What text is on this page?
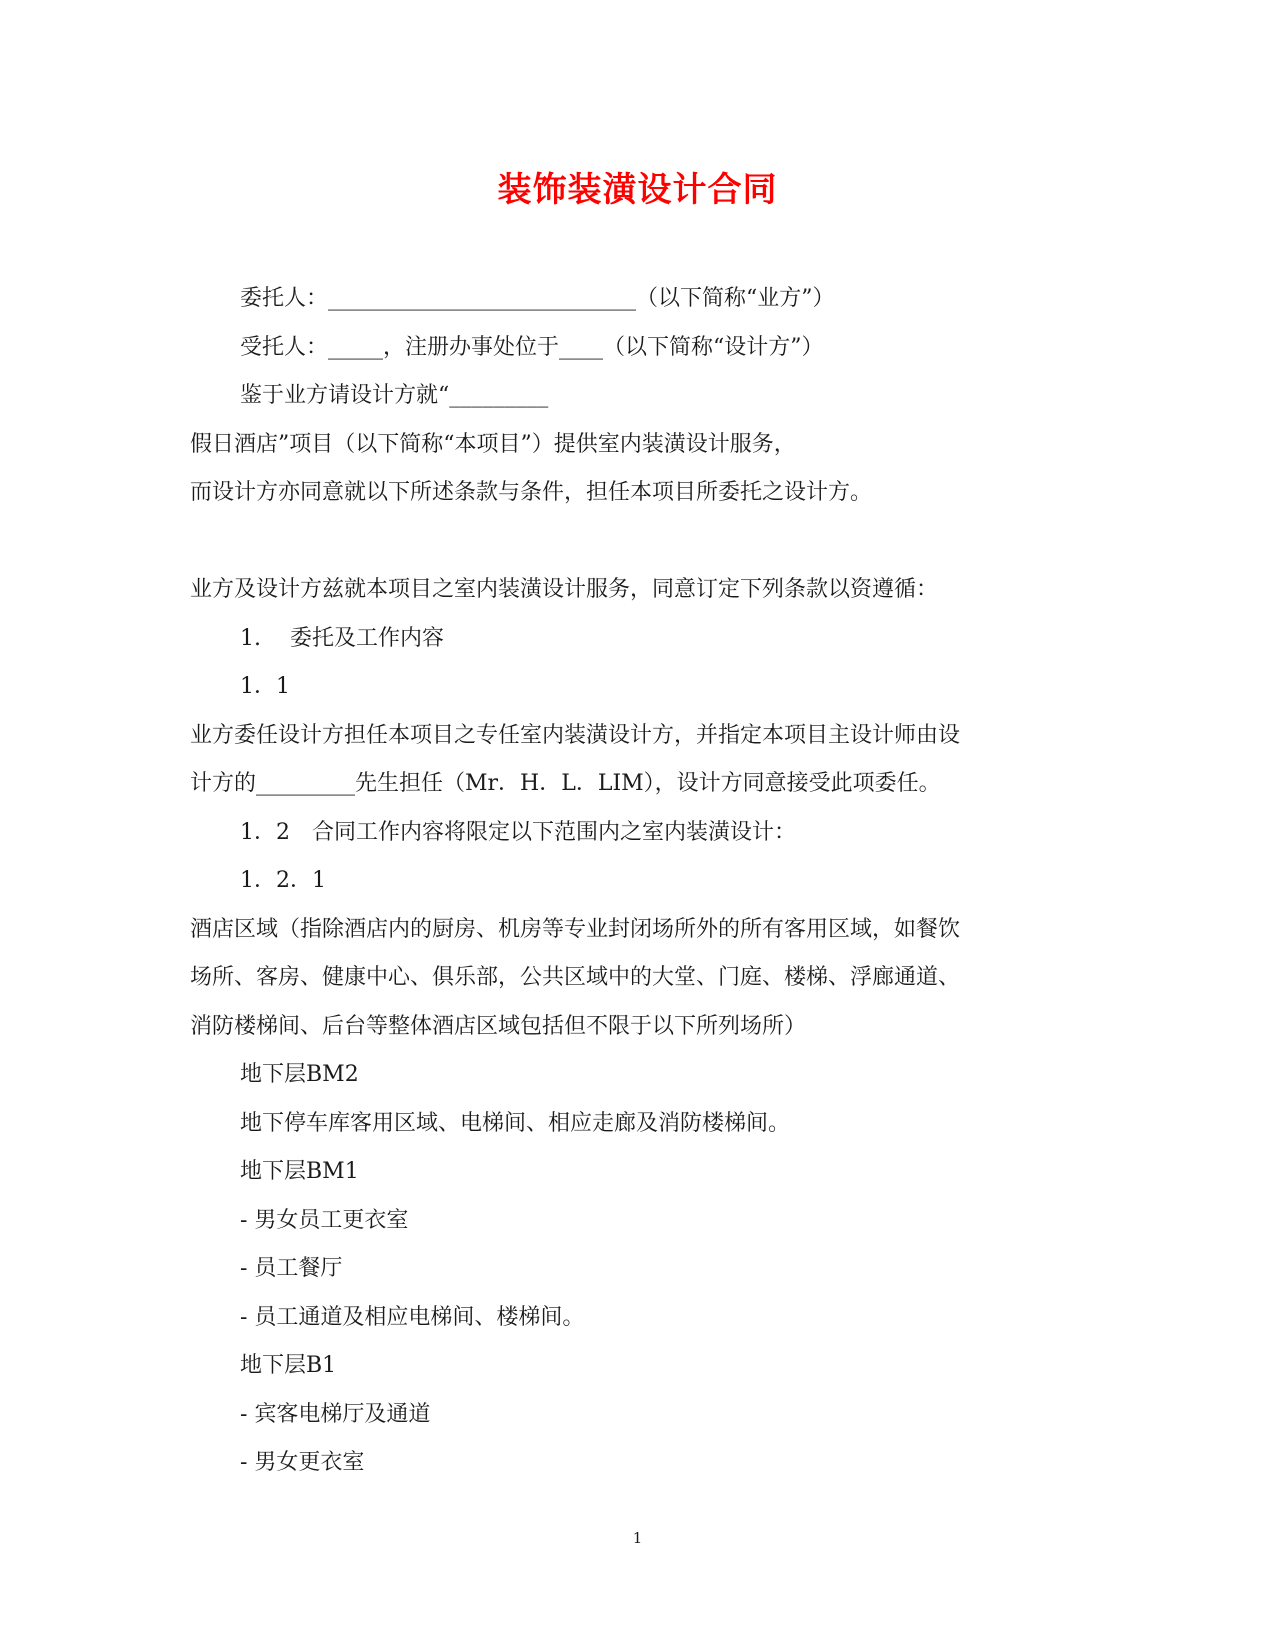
装饰装潢设计合同
委托人：____________________________（以下简称“业方”）
受托人：_____，注册办事处位于____（以下简称“设计方”）
鉴于业方请设计方就“_________
假日酒店”项目（以下简称“本项目”）提供室内装潢设计服务，
而设计方亦同意就以下所述条款与条件，担任本项目所委托之设计方。
业方及设计方兹就本项目之室内装潢设计服务，同意订定下列条款以资遵循：
1.　 委托及工作内容
1．1
业方委任设计方担任本项目之专任室内装潢设计方，并指定本项目主设计师由设
计方的_________先生担任（Mr．H．L．LIM），设计方同意接受此项委任。
1．2　合同工作内容将限定以下范围内之室内装潢设计：
1．2．1
酒店区域（指除酒店内的厨房、机房等专业封闭场所外的所有客用区域，如餐饮
场所、客房、健康中心、俱乐部，公共区域中的大堂、门庭、楼梯、浮廊通道、
消防楼梯间、后台等整体酒店区域包括但不限于以下所列场所）
地下层BM2
地下停车库客用区域、电梯间、相应走廊及消防楼梯间。
地下层BM1
- 男女员工更衣室
- 员工餐厅
- 员工通道及相应电梯间、楼梯间。
地下层B1
- 宾客电梯厅及通道
- 男女更衣室
1
